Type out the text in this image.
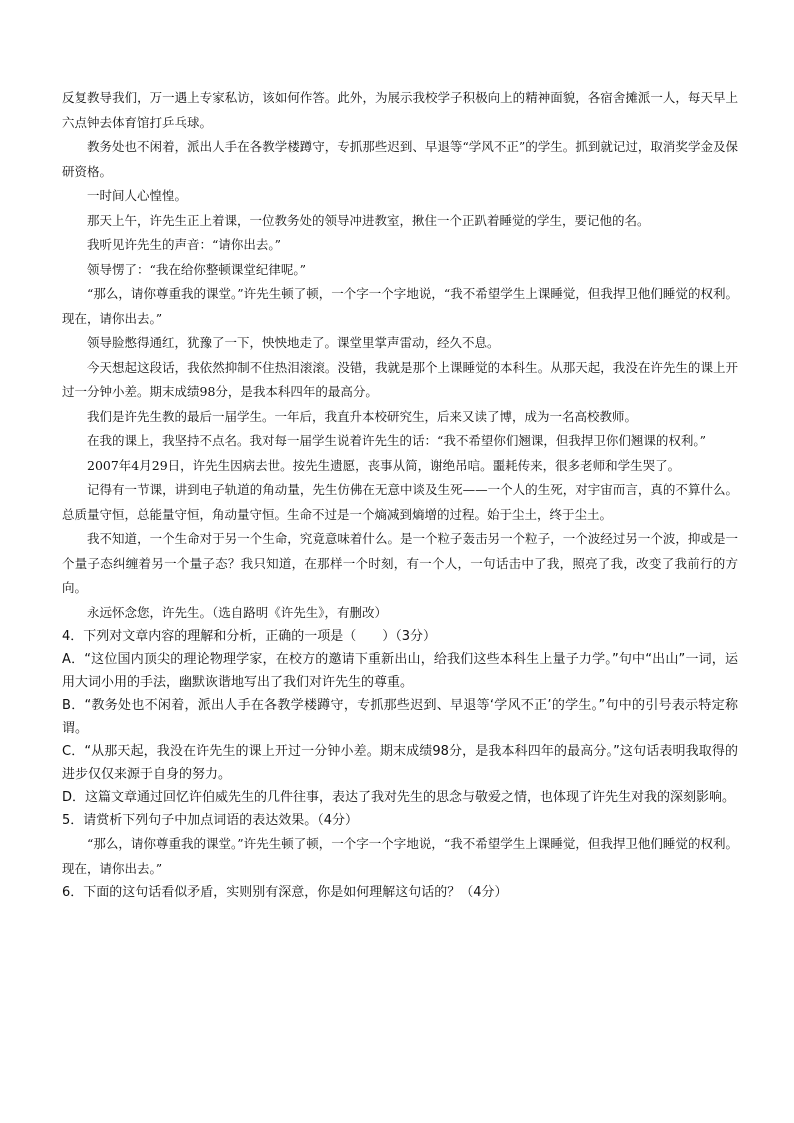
反复教导我们，万一遇上专家私访，该如何作答。此外，为展示我校学子积极向上的精神面貌，各宿舍摊派一人，每天早上六点钟去体育馆打乒乓球。

教务处也不闲着，派出人手在各教学楼蹲守，专抓那些迟到、早退等“学风不正”的学生。抓到就记过，取消奖学金及保研资格。

一时间人心惶惶。

那天上午，许先生正上着课，一位教务处的领导冲进教室，揪住一个正趴着睡觉的学生，要记他的名。

我听见许先生的声音：“请你出去。”

领导愣了：“我在给你整顿课堂纪律呢。”

“那么，请你尊重我的课堂。”许先生顿了顿，一个字一个字地说，“我不希望学生上课睡觉，但我捍卫他们睡觉的权利。现在，请你出去。”

领导脸憋得通红，犹豫了一下，怏怏地走了。课堂里掌声雷动，经久不息。

今天想起这段话，我依然抑制不住热泪滚滚。没错，我就是那个上课睡觉的本科生。从那天起，我没在许先生的课上开过一分钟小差。期末成绩98分，是我本科四年的最高分。

我们是许先生教的最后一届学生。一年后，我直升本校研究生，后来又读了博，成为一名高校教师。

在我的课上，我坚持不点名。我对每一届学生说着许先生的话：“我不希望你们翘课，但我捍卫你们翘课的权利。”

2007年4月29日，许先生因病去世。按先生遗愿，丧事从简，谢绝吊唁。噩耗传来，很多老师和学生哭了。

记得有一节课，讲到电子轨道的角动量，先生仿佛在无意中谈及生死——一个人的生死，对宇宙而言，真的不算什么。总质量守恒，总能量守恒，角动量守恒。生命不过是一个熵减到熵增的过程。始于尘土，终于尘土。

我不知道，一个生命对于另一个生命，究竟意味着什么。是一个粒子轰击另一个粒子，一个波经过另一个波，抑或是一个量子态纠缠着另一个量子态？我只知道，在那样一个时刻，有一个人，一句话击中了我，照亮了我，改变了我前行的方向。

永远怀念您，许先生。（选自路明《许先生》，有删改）

4．下列对文章内容的理解和分析，正确的一项是（　　）（3分）

A．“这位国内顶尖的理论物理学家，在校方的邀请下重新出山，给我们这些本科生上量子力学。”句中“出山”一词，运用大词小用的手法，幽默诙谐地写出了我们对许先生的尊重。

B．“教务处也不闲着，派出人手在各教学楼蹲守，专抓那些迟到、早退等‘学风不正’的学生。”句中的引号表示特定称谓。

C．“从那天起，我没在许先生的课上开过一分钟小差。期末成绩98分，是我本科四年的最高分。”这句话表明我取得的进步仅仅来源于自身的努力。

D．这篇文章通过回忆许伯威先生的几件往事，表达了我对先生的思念与敬爱之情，也体现了许先生对我的深刻影响。

5．请赏析下列句子中加点词语的表达效果。（4分）

“那么，请你尊重我的课堂。”许先生顿了顿，一个字一个字地说，“我不希望学生上课睡觉，但我捍卫他们睡觉的权利。现在，请你出去。”

6．下面的这句话看似矛盾，实则别有深意，你是如何理解这句话的？（4分）
